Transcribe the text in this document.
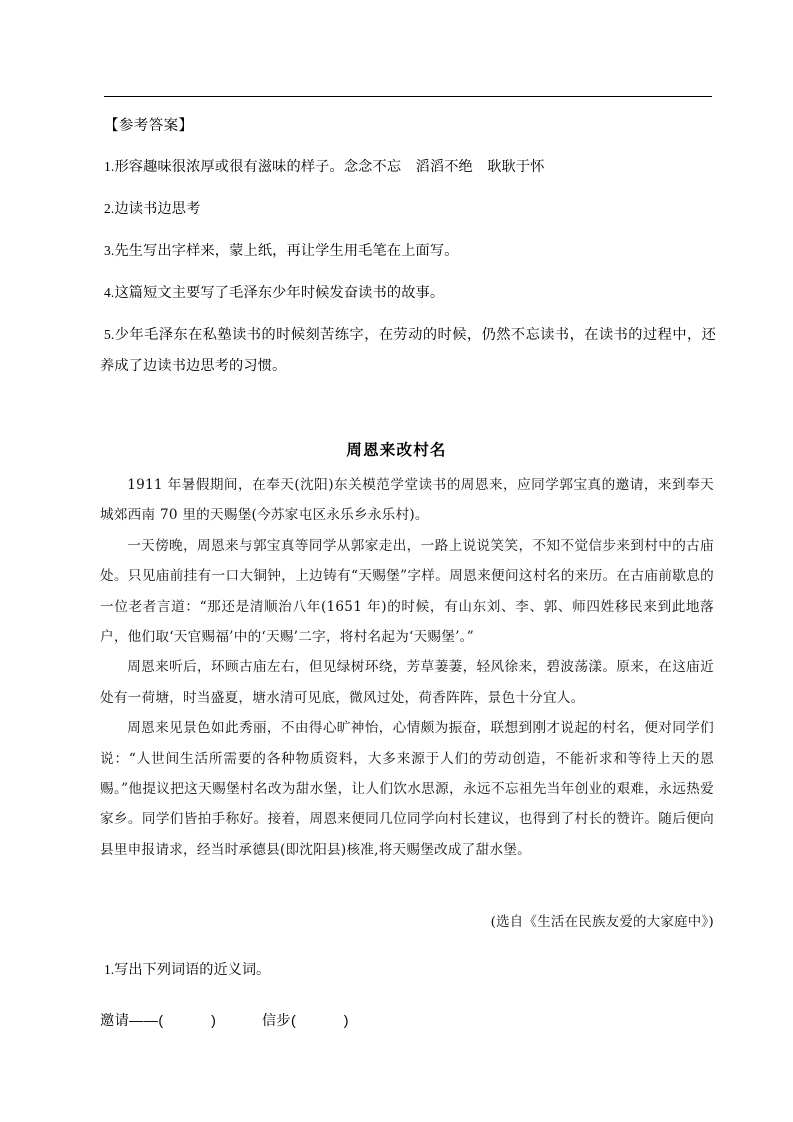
【参考答案】

1.形容趣味很浓厚或很有滋味的样子。念念不忘　滔滔不绝　耿耿于怀

2.边读书边思考

3.先生写出字样来，蒙上纸，再让学生用毛笔在上面写。

4.这篇短文主要写了毛泽东少年时候发奋读书的故事。

5.少年毛泽东在私塾读书的时候刻苦练字，在劳动的时候，仍然不忘读书，在读书的过程中，还养成了边读书边思考的习惯。

周恩来改村名

1911 年暑假期间，在奉天(沈阳)东关模范学堂读书的周恩来，应同学郭宝真的邀请，来到奉天城郊西南 70 里的天赐堡(今苏家屯区永乐乡永乐村)。

一天傍晚，周恩来与郭宝真等同学从郭家走出，一路上说说笑笑，不知不觉信步来到村中的古庙处。只见庙前挂有一口大铜钟，上边铸有“天赐堡”字样。周恩来便问这村名的来历。在古庙前歇息的一位老者言道：“那还是清顺治八年(1651 年)的时候，有山东刘、李、郭、师四姓移民来到此地落户，他们取‘天官赐福’中的‘天赐’二字，将村名起为‘天赐堡’。”

周恩来听后，环顾古庙左右，但见绿树环绕，芳草萋萋，轻风徐来，碧波荡漾。原来，在这庙近处有一荷塘，时当盛夏，塘水清可见底，微风过处，荷香阵阵，景色十分宜人。

周恩来见景色如此秀丽，不由得心旷神怡，心情颇为振奋，联想到刚才说起的村名，便对同学们说：“人世间生活所需要的各种物质资料，大多来源于人们的劳动创造，不能祈求和等待上天的恩赐。”他提议把这天赐堡村名改为甜水堡，让人们饮水思源，永远不忘祖先当年创业的艰难，永远热爱家乡。同学们皆拍手称好。接着，周恩来便同几位同学向村长建议，也得到了村长的赞许。随后便向县里申报请求，经当时承德县(即沈阳县)核准,将天赐堡改成了甜水堡。

(选自《生活在民族友爱的大家庭中》)

1.写出下列词语的近义词。

邀请——(	)	信步(	)
